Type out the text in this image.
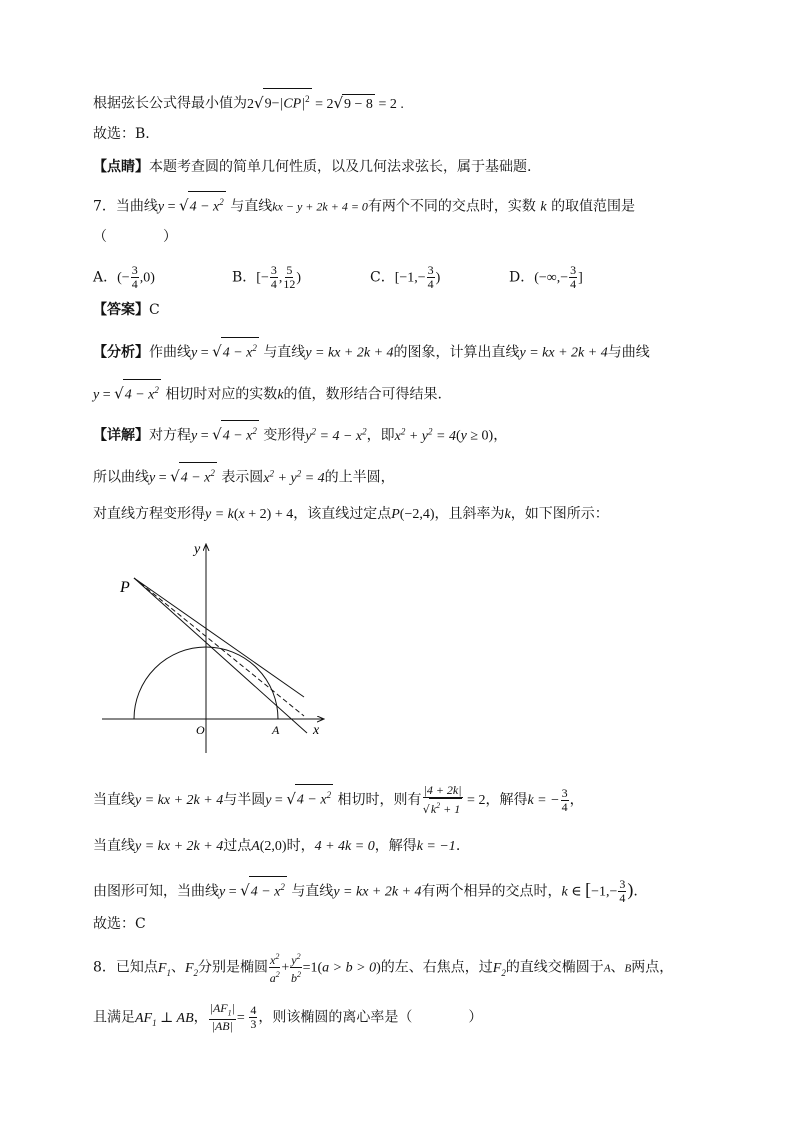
根据弦长公式得最小值为$2√9-|CP|^2 = 2√9 - 8 = 2$ .
故选：B.
【点睛】本题考查圆的简单几何性质，以及几何法求弦长，属于基础题.
7．当曲线$y = √4 - x^2$ 与直线kx − y + 2k + 4 = 0有两个不同的交点时，实数 k 的取值范围是
（　　　　）
A．(− $\frac{3}{4} ,0$)	B．[− $\frac{3}{4}$ , $\frac{5}{12}$ )	C．[$-1,- \frac{3}{4}$ )	D．(−∞,− $\frac{3}{4}$ ]
【答案】C
【分析】作曲线$y = √4 - x^2$ 与直线y = kx + 2k + 4的图象，计算出直线y = kx + 2k + 4与曲线
$y = √4 - x^2$ 相切时对应的实数k的值，数形结合可得结果.
【详解】对方程$y = √4 - x^2$ 变形得$y^2 = 4 - x^2$，即$x^2 + y^2 = 4(y \ge 0)$，
所以曲线$y = √4 - x^2$ 表示圆$x^2 + y^2 = 4$的上半圆，
对直线方程变形得y = k(x + 2) + 4，该直线过定点P(−2,4)，且斜率为k，如下图所示：
y
x
P
O	A
当直线y = kx + 2k + 4与半圆$y = √4 - x^2$ 相切时，则有 $\frac{|4 + 2k|}{√k^2 + 1} = 2$，解得k = − $\frac{3}{4}$ ，
当直线y = kx + 2k + 4过点A(2,0)时，4 + 4k = 0，解得k = −1.
由图形可知，当曲线$y = √4 - x^2$ 与直线y = kx + 2k + 4有两个相异的交点时，k ∈ [$-1,- \frac{3}{4}$ ).
故选：C
8．已知点$F_1$、$F_2$分别是椭圆 $\frac{x^2}{a^2} + \frac{y^2}{b^2} =1(a > b > 0)$的左、右焦点，过$F_2$的直线交椭圆于A、B两点，
且满足$AF_1$ ⊥ AB， $\frac{|AF_1|}{|AB|} = \frac{4}{3}$ ，则该椭圆的离心率是（　　　　）
